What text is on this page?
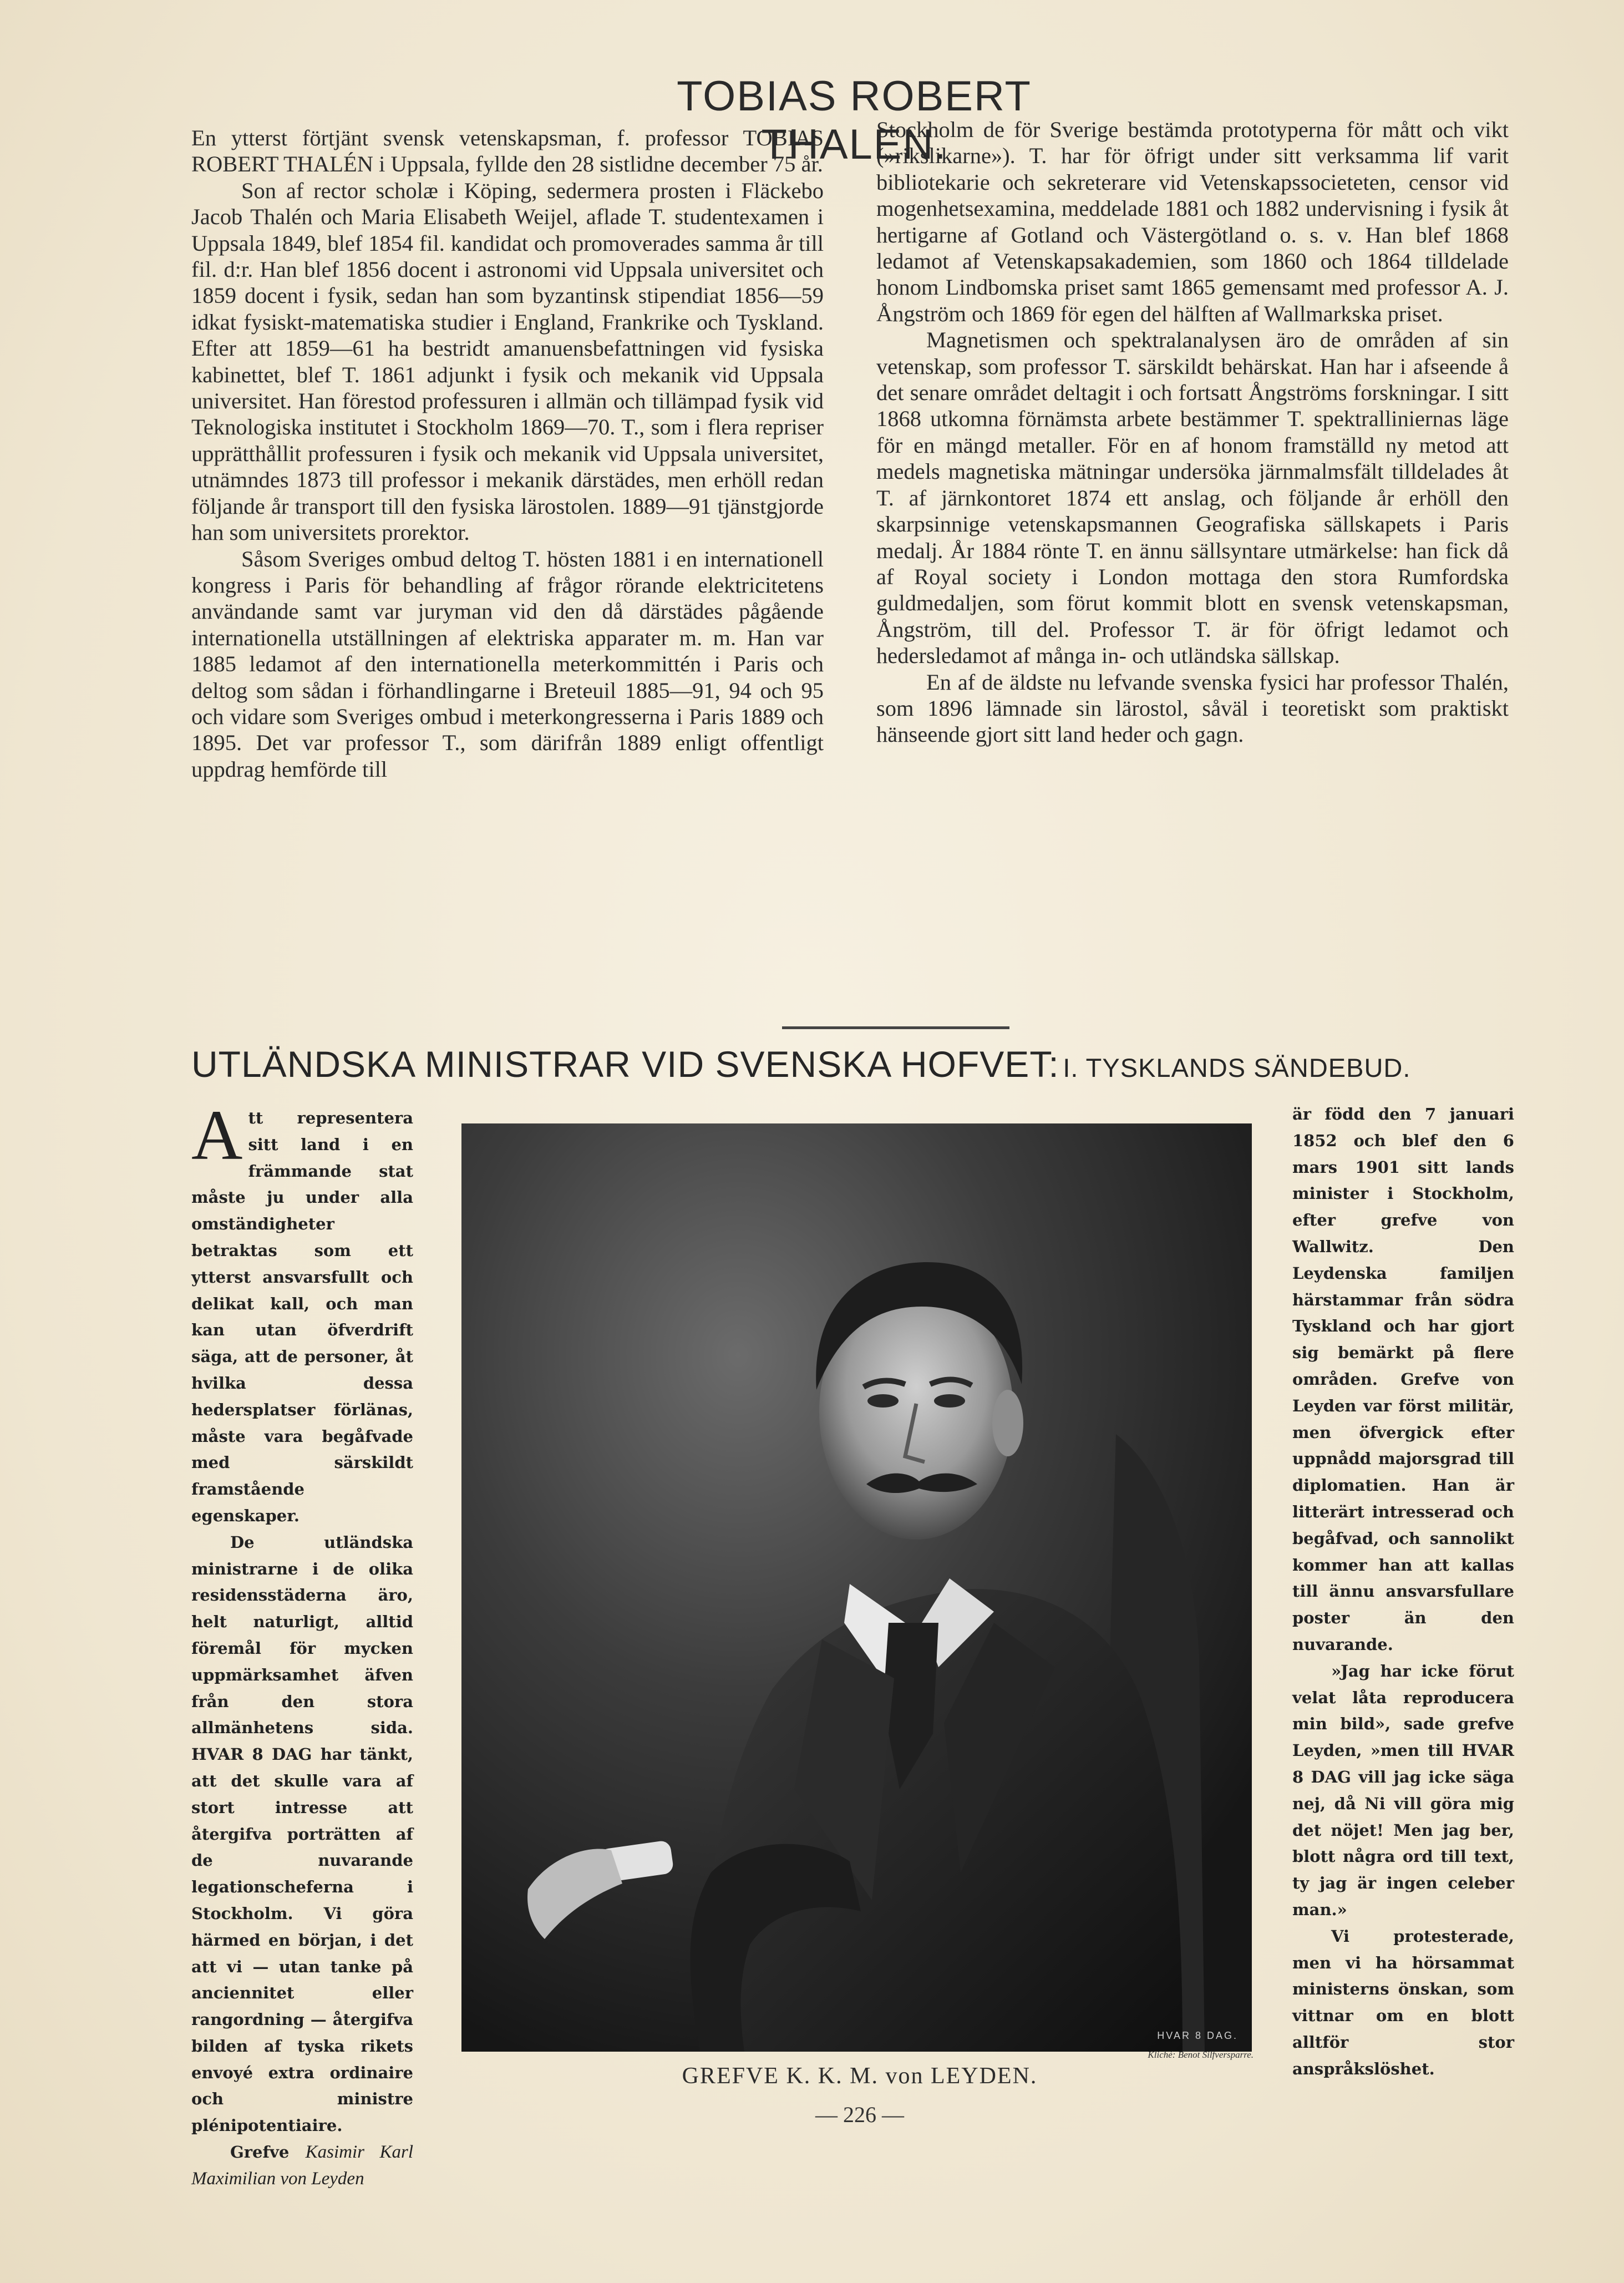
TOBIAS ROBERT THALEN.

En ytterst förtjänt svensk vetenskapsman, f. professor TOBIAS ROBERT THALÉN i Uppsala, fyllde den 28 sistlidne december 75 år.

Son af rector scholæ i Köping, sedermera prosten i Fläckebo Jacob Thalén och Maria Elisabeth Weijel, aflade T. studentexamen i Uppsala 1849, blef 1854 fil. kandidat och promoverades samma år till fil. d:r. Han blef 1856 docent i astronomi vid Uppsala universitet och 1859 docent i fysik, sedan han som byzantinsk stipendiat 1856—59 idkat fysiskt-matematiska studier i England, Frankrike och Tyskland. Efter att 1859—61 ha bestridt amanuensbefattningen vid fysiska kabinettet, blef T. 1861 adjunkt i fysik och mekanik vid Uppsala universitet. Han förestod professuren i allmän och tillämpad fysik vid Teknologiska institutet i Stockholm 1869—70. T., som i flera repriser upprätthållit professuren i fysik och mekanik vid Uppsala universitet, utnämndes 1873 till professor i mekanik därstädes, men erhöll redan följande år transport till den fysiska lärostolen. 1889—91 tjänstgjorde han som universitets prorektor.

Såsom Sveriges ombud deltog T. hösten 1881 i en internationell kongress i Paris för behandling af frågor rörande elektricitetens användande samt var juryman vid den då därstädes pågående internationella utställningen af elektriska apparater m. m. Han var 1885 ledamot af den internationella meterkommittén i Paris och deltog som sådan i förhandlingarne i Breteuil 1885—91, 94 och 95 och vidare som Sveriges ombud i meterkongresserna i Paris 1889 och 1895. Det var professor T., som därifrån 1889 enligt offentligt uppdrag hemförde till

Stockholm de för Sverige bestämda prototyperna för mått och vikt (»rikslikarne»). T. har för öfrigt under sitt verksamma lif varit bibliotekarie och sekreterare vid Vetenskapssocieteten, censor vid mogenhetsexamina, meddelade 1881 och 1882 undervisning i fysik åt hertigarne af Gotland och Västergötland o. s. v. Han blef 1868 ledamot af Vetenskapsakademien, som 1860 och 1864 tilldelade honom Lindbomska priset samt 1865 gemensamt med professor A. J. Ångström och 1869 för egen del hälften af Wallmarkska priset.

Magnetismen och spektralanalysen äro de områden af sin vetenskap, som professor T. särskildt behärskat. Han har i afseende å det senare området deltagit i och fortsatt Ångströms forskningar. I sitt 1868 utkomna förnämsta arbete bestämmer T. spektralliniernas läge för en mängd metaller. För en af honom framställd ny metod att medels magnetiska mätningar undersöka järnmalmsfält tilldelades åt T. af järnkontoret 1874 ett anslag, och följande år erhöll den skarpsinnige vetenskapsmannen Geografiska sällskapets i Paris medalj. År 1884 rönte T. en ännu sällsyntare utmärkelse: han fick då af Royal society i London mottaga den stora Rumfordska guldmedaljen, som förut kommit blott en svensk vetenskapsman, Ångström, till del. Professor T. är för öfrigt ledamot och hedersledamot af många in- och utländska sällskap.

En af de äldste nu lefvande svenska fysici har professor Thalén, som 1896 lämnade sin lärostol, såväl i teoretiskt som praktiskt hänseende gjort sitt land heder och gagn.

UTLÄNDSKA MINISTRAR VID SVENSKA HOFVET: I. TYSKLANDS SÄNDEBUD.

Att representera sitt land i en främmande stat måste ju under alla omständigheter betraktas som ett ytterst ansvarsfullt och delikat kall, och man kan utan öfverdrift säga, att de personer, åt hvilka dessa hedersplatser förlänas, måste vara begåfvade med särskildt framstående egenskaper.

De utländska ministrarne i de olika residensstäderna äro, helt naturligt, alltid föremål för mycken uppmärksamhet äfven från den stora allmänhetens sida. HVAR 8 DAG har tänkt, att det skulle vara af stort intresse att återgifva porträtten af de nuvarande legationscheferna i Stockholm. Vi göra härmed en början, i det att vi — utan tanke på anciennitet eller rangordning — återgifva bilden af tyska rikets envoyé extra ordinaire och ministre plénipotentiaire.

Grefve Kasimir Karl Maximilian von Leyden

HVAR 8 DAG.
Kliché: Benot Silfversparre.

GREFVE K. K. M. von LEYDEN.

är född den 7 januari 1852 och blef den 6 mars 1901 sitt lands minister i Stockholm, efter grefve von Wallwitz. Den Leydenska familjen härstammar från södra Tyskland och har gjort sig bemärkt på flere områden. Grefve von Leyden var först militär, men öfvergick efter uppnådd majorsgrad till diplomatien. Han är litterärt intresserad och begåfvad, och sannolikt kommer han att kallas till ännu ansvarsfullare poster än den nuvarande.

»Jag har icke förut velat låta reproducera min bild», sade grefve Leyden, »men till HVAR 8 DAG vill jag icke säga nej, då Ni vill göra mig det nöjet! Men jag ber, blott några ord till text, ty jag är ingen celeber man.»

Vi protesterade, men vi ha hörsammat ministerns önskan, som vittnar om en blott alltför stor anspråkslöshet.

— 226 —
